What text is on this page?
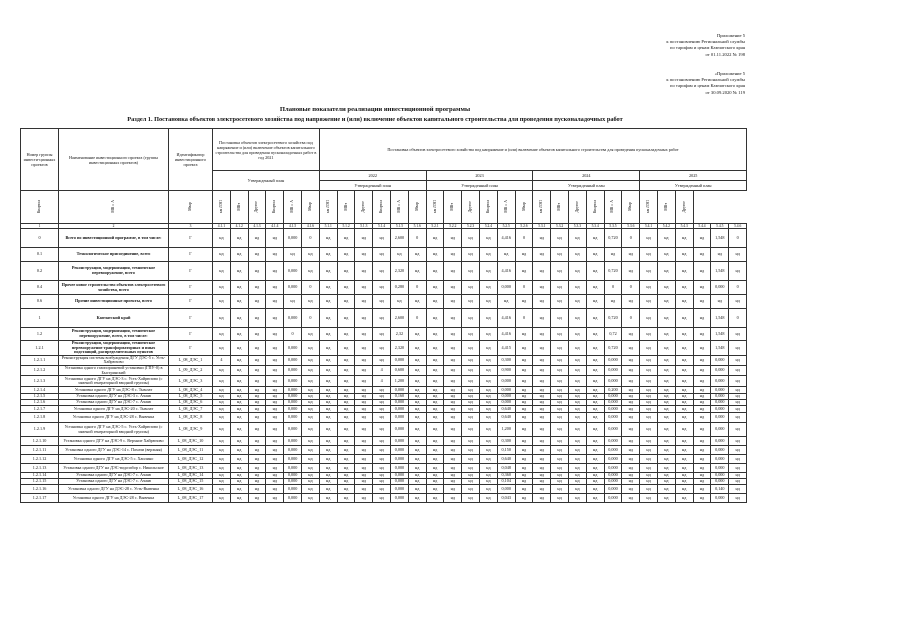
Приложение 5
к постановлению Региональной службы
по тарифам и ценам Камчатского края
от 01.11.2022 № 198
«Приложение 5
к постановлению Региональной службы
по тарифам и ценам Камчатского края
от 30.09.2020 № 119
Плановые показатели реализации инвестиционной программы
Раздел 1. Постановка объектов электросетевого хозяйства под напряжение и (или) включение объектов капитального строительства для проведения пусконаладочных работ
Номер группы инвести-ционных проектов	Наименование инвестиционного проекта (группы инвестиционных проектов)	Идентификатор инвестиционного проекта	Постановка объектов электросетевого хозяйства под напряжение и (или) включение объектов капитального строительства для проведения пусконаладочных работ в год 2021						Постановка объектов электросетевого хозяйства под напряжение и (или) включение объектов капитального строительства для проведения пусконаладочных работ																							
			Утвержденный план						2022						2023						2024						2025					
									Утвержденный план						Утвержденный план						Утвержденный план						Утвержденный план					
Квартал	МВ×А	Мвар	км ЛЭП	МВт	Другое	Квартал	МВ×А	Мвар	км ЛЭП	МВт	Другое	Квартал	МВ×А	Мвар	км ЛЭП	МВт	Другое	Квартал	МВ×А	Мвар	км ЛЭП	МВт	Другое	Квартал	МВ×А	Мвар	км ЛЭП	МВт	Другое			
1	2	3	4.1.1	4.1.2	4.1.3	4.1.4	4.1.5	4.1.6	5.1.1	5.1.2	5.1.3	5.1.4	5.1.5	5.1.6	5.2.1	5.2.2	5.2.3	5.2.4	5.2.5	5.2.6	5.3.1	5.3.2	5.3.3	5.3.4	5.3.5	5.3.6	5.4.1	5.4.2	5.4.3	5.4.4	5.4.5	5.4.6
0	Всего по инвестиционной программе, в том числе:	Г	нд	нд	нд	нд	0,000	0	нд	нд	нд	нд	2,600	0	нд	нд	нд	нд	4,416	0	нд	нд	нд	нд	0,720	0	нд	нд	нд	нд	1,548	0
0.1	Технологическое присоединение, всего	Г	нд	нд	нд	нд	нд	нд	нд	нд	нд	нд	нд	нд	нд	нд	нд	нд	нд	нд	нд	нд	нд	нд	нд	нд	нд	нд	нд	нд	нд	нд
0.2	Реконструкция, модернизация, техническое перевооружение, всего	Г	нд	нд	нд	нд	0,000	нд	нд	нд	нд	нд	2,320	нд	нд	нд	нд	нд	4,416	нд	нд	нд	нд	нд	0,720	нд	нд	нд	нд	нд	1,548	нд
0.4	Прочее новое строительство объектов электросетевого хозяйства, всего	Г	нд	нд	нд	нд	0,000	0	нд	нд	нд	нд	0,280	0	нд	нд	нд	нд	0,000	0	нд	нд	нд	нд	0	0	нд	нд	нд	нд	0,000	0
0.6	Прочие инвестиционные проекты, всего	Г	нд	нд	нд	нд	нд	нд	нд	нд	нд	нд	нд	нд	нд	нд	нд	нд	нд	нд	нд	нд	нд	нд	нд	нд	нд	нд	нд	нд	нд	нд
1	Камчатский край	Г	нд	нд	нд	нд	0,000	0	нд	нд	нд	нд	2,600	0	нд	нд	нд	нд	4,416	0	нд	нд	нд	нд	0,720	0	нд	нд	нд	нд	1,548	0
1.2	Реконструкция, модернизация, техническое перевооружение, всего, в том числе:	Г	нд	нд	нд	нд	0	нд	нд	нд	нд	нд	2,32	нд	нд	нд	нд	нд	4,416	нд	нд	нд	нд	нд	0,72	нд	нд	нд	нд	нд	1,548	нд
1.2.1	Реконструкция, модернизация, техническое перевооружение трансформаторных и иных подстанций, распределительных пунктов	Г	нд	нд	нд	нд	0,000	нд	нд	нд	нд	нд	2,320	нд	нд	нд	нд	нд	4,415	нд	нд	нд	нд	нд	0,720	нд	нд	нд	нд	нд	1,548	нд
1.2.1.1	Реконструкция системы возбуждения ДГУ ДЭС-5 с. Усть-Хайрюзово	L_08_ДЭС_1	4	нд	нд	нд	0,000	нд	нд	нд	нд	нд	0,000	нд	нд	нд	нд	нд	0,300	нд	нд	нд	нд	нд	0,000	нд	нд	нд	нд	нд	0,000	нд
1.2.1.2	Установка одного газопоршневой установки (ГПУ-0) в Быстринский	L_09_ДЭС_2	нд	нд	нд	нд	0,000	нд	нд	нд	нд	4	0,600	нд	нд	нд	нд	нд	0,900	нд	нд	нд	нд	нд	0,000	нд	нд	нд	нд	нд	0,000	нд
1.2.1.3	Установка одного ДГУ на ДЭС-3 с. Усть-Хайрюзово (с заменой генераторной вводной группы)	L_08_ДЭС_3	нд	нд	нд	нд	0,000	нд	нд	нд	нд	4	1,200	нд	нд	нд	нд	нд	0,000	нд	нд	нд	нд	нд	0,000	нд	нд	нд	нд	нд	0,000	нд
1.2.1.4	Установка одного ДГУ на ДЭС-8 с. Тымлат	L_08_ДЭС_4	нд	нд	нд	нд	0,000	нд	нд	нд	нд	нд	0,000	нд	нд	нд	нд	нд	0,000	нд	нд	нд	нд	нд	0,200	нд	нд	нд	нд	нд	0,000	нд
1.2.1.5	Установка одного ДГУ на ДЭС-3 с. Ачаяв	L_08_ДЭС_5	нд	нд	нд	нд	0,000	нд	нд	нд	нд	нд	0,160	нд	нд	нд	нд	нд	0,000	нд	нд	нд	нд	нд	0,000	нд	нд	нд	нд	нд	0,000	нд
1.2.1.6	Установка одного ДГУ на ДЭС-7 с. Ачаяв	L_08_ДЭС_6	нд	нд	нд	нд	0,000	нд	нд	нд	нд	нд	0,000	нд	нд	нд	нд	нд	0,000	нд	нд	нд	нд	нд	0,000	нд	нд	нд	нд	нд	0,000	нд
1.2.1.7	Установка одного ДГУ на ДЭС-20 с. Тымлат	L_08_ДЭС_7	нд	нд	нд	нд	0,000	нд	нд	нд	нд	нд	0,000	нд	нд	нд	нд	нд	0,640	нд	нд	нд	нд	нд	0,000	нд	нд	нд	нд	нд	0,000	нд
1.2.1.8	Установка одного ДГУ на ДЭС-28 с. Вывенка	L_08_ДЭС_8	нд	нд	нд	нд	0,000	нд	нд	нд	нд	нд	0,000	нд	нд	нд	нд	нд	0,640	нд	нд	нд	нд	нд	0,000	нд	нд	нд	нд	нд	0,000	нд
1.2.1.9	Установка одного ДГУ на ДЭС-5 с. Усть-Хайрюзово (с заменой генераторной вводной группы)	L_08_ДЭС_9	нд	нд	нд	нд	0,000	нд	нд	нд	нд	нд	0,000	нд	нд	нд	нд	нд	1,200	нд	нд	нд	нд	нд	0,000	нд	нд	нд	нд	нд	0,000	нд
1.2.1.10	Установка одного ДГУ на ДЭС-9 с. Верхние Хайрюзово	L_08_ДЭС_10	нд	нд	нд	нд	0,000	нд	нд	нд	нд	нд	0,000	нд	нд	нд	нд	нд	0,300	нд	нд	нд	нд	нд	0,000	нд	нд	нд	нд	нд	0,000	нд
1.2.1.11	Установка одного ДГУ на ДЭС-14 с. Пахачи (верхняя)	L_08_ДЭС_11	нд	нд	нд	нд	0,000	нд	нд	нд	нд	нд	0,000	нд	нд	нд	нд	нд	0,150	нд	нд	нд	нд	нд	0,000	нд	нд	нд	нд	нд	0,000	нд
1.2.1.12	Установка одного ДГУ на ДЭС-5 с. Хаилино	L_08_ДЭС_12	нд	нд	нд	нд	0,000	нд	нд	нд	нд	нд	0,000	нд	нд	нд	нд	нд	0,640	нд	нд	нд	нд	нд	0,000	нд	нд	нд	нд	нд	0,000	нд
1.2.1.13	Установка одного ДГУ на ДЭС-водозабор с. Никольское	L_08_ДЭС_13	нд	нд	нд	нд	0,000	нд	нд	нд	нд	нд	0,000	нд	нд	нд	нд	нд	0,048	нд	нд	нд	нд	нд	0,000	нд	нд	нд	нд	нд	0,000	нд
1.2.1.14	Установка одного ДГУ на ДЭС-7 с. Ачаяв	L_08_ДЭС_14	нд	нд	нд	нд	0,000	нд	нд	нд	нд	нд	0,000	нд	нд	нд	нд	нд	0,360	нд	нд	нд	нд	нд	0,000	нд	нд	нд	нд	нд	0,000	нд
1.2.1.15	Установка одного ДГУ на ДЭС-7 с. Ачаяв	L_08_ДЭС_15	нд	нд	нд	нд	0,000	нд	нд	нд	нд	нд	0,000	нд	нд	нд	нд	нд	0,104	нд	нд	нд	нд	нд	0,000	нд	нд	нд	нд	нд	0,000	нд
1.2.1.16	Установка одного ДГУ на ДЭС-28 с. Усть-Вывенка	L_08_ДЭС_16	нд	нд	нд	нд	0,000	нд	нд	нд	нд	нд	0,000	нд	нд	нд	нд	нд	0,000	нд	нд	нд	нд	нд	0,000	нд	нд	нд	нд	нд	0,140	нд
1.2.1.17	Установка одного ДГУ на ДЭС-28 с. Вывенка	L_08_ДЭС_17	нд	нд	нд	нд	0,000	нд	нд	нд	нд	нд	0,000	нд	нд	нд	нд	нд	0,043	нд	нд	нд	нд	нд	0,000	нд	нд	нд	нд	нд	0,000	нд
